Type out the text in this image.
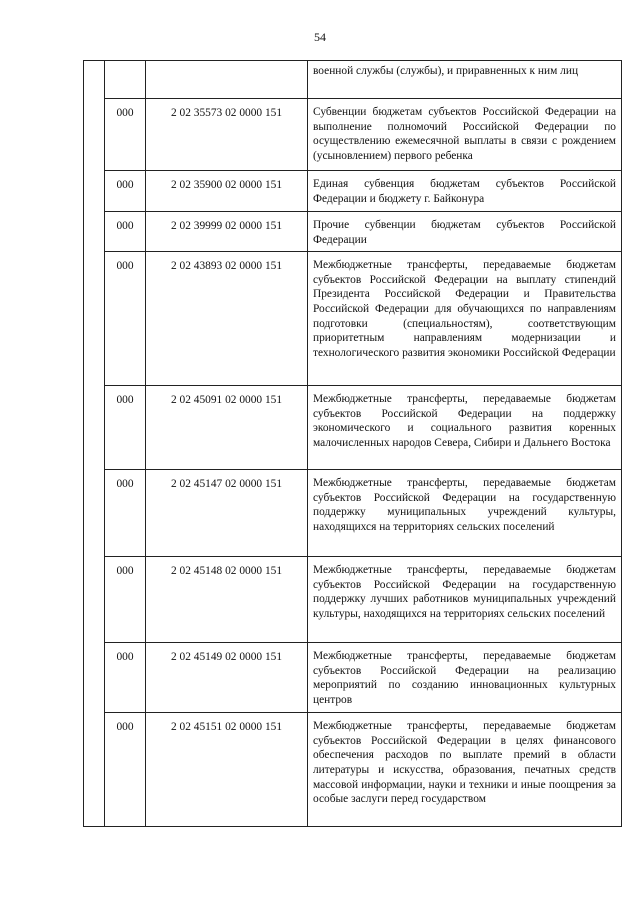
54
			военной службы (службы), и приравненных к ним лиц
	000	2 02 35573 02 0000 151	Субвенции бюджетам субъектов Российской Федерации на выполнение полномочий Российской Федерации по осуществлению ежемесячной выплаты в связи с рождением (усыновлением) первого ребенка
	000	2 02 35900 02 0000 151	Единая субвенция бюджетам субъектов Российской Федерации и бюджету г. Байконура
	000	2 02 39999 02 0000 151	Прочие субвенции бюджетам субъектов Российской Федерации
	000	2 02 43893 02 0000 151	Межбюджетные трансферты, передаваемые бюджетам субъектов Российской Федерации на выплату стипендий Президента Российской Федерации и Правительства Российской Федерации для обучающихся по направлениям подготовки (специальностям), соответствующим приоритетным направлениям модернизации и технологического развития экономики Российской Федерации
	000	2 02 45091 02 0000 151	Межбюджетные трансферты, передаваемые бюджетам субъектов Российской Федерации на поддержку экономического и социального развития коренных малочисленных народов Севера, Сибири и Дальнего Востока
	000	2 02 45147 02 0000 151	Межбюджетные трансферты, передаваемые бюджетам субъектов Российской Федерации на государственную поддержку муниципальных учреждений культуры, находящихся на территориях сельских поселений
	000	2 02 45148 02 0000 151	Межбюджетные трансферты, передаваемые бюджетам субъектов Российской Федерации на государственную поддержку лучших работников муниципальных учреждений культуры, находящихся на территориях сельских поселений
	000	2 02 45149 02 0000 151	Межбюджетные трансферты, передаваемые бюджетам субъектов Российской Федерации на реализацию мероприятий по созданию инновационных культурных центров
	000	2 02 45151 02 0000 151	Межбюджетные трансферты, передаваемые бюджетам субъектов Российской Федерации в целях финансового обеспечения расходов по выплате премий в области литературы и искусства, образования, печатных средств массовой информации, науки и техники и иные поощрения за особые заслуги перед государством
